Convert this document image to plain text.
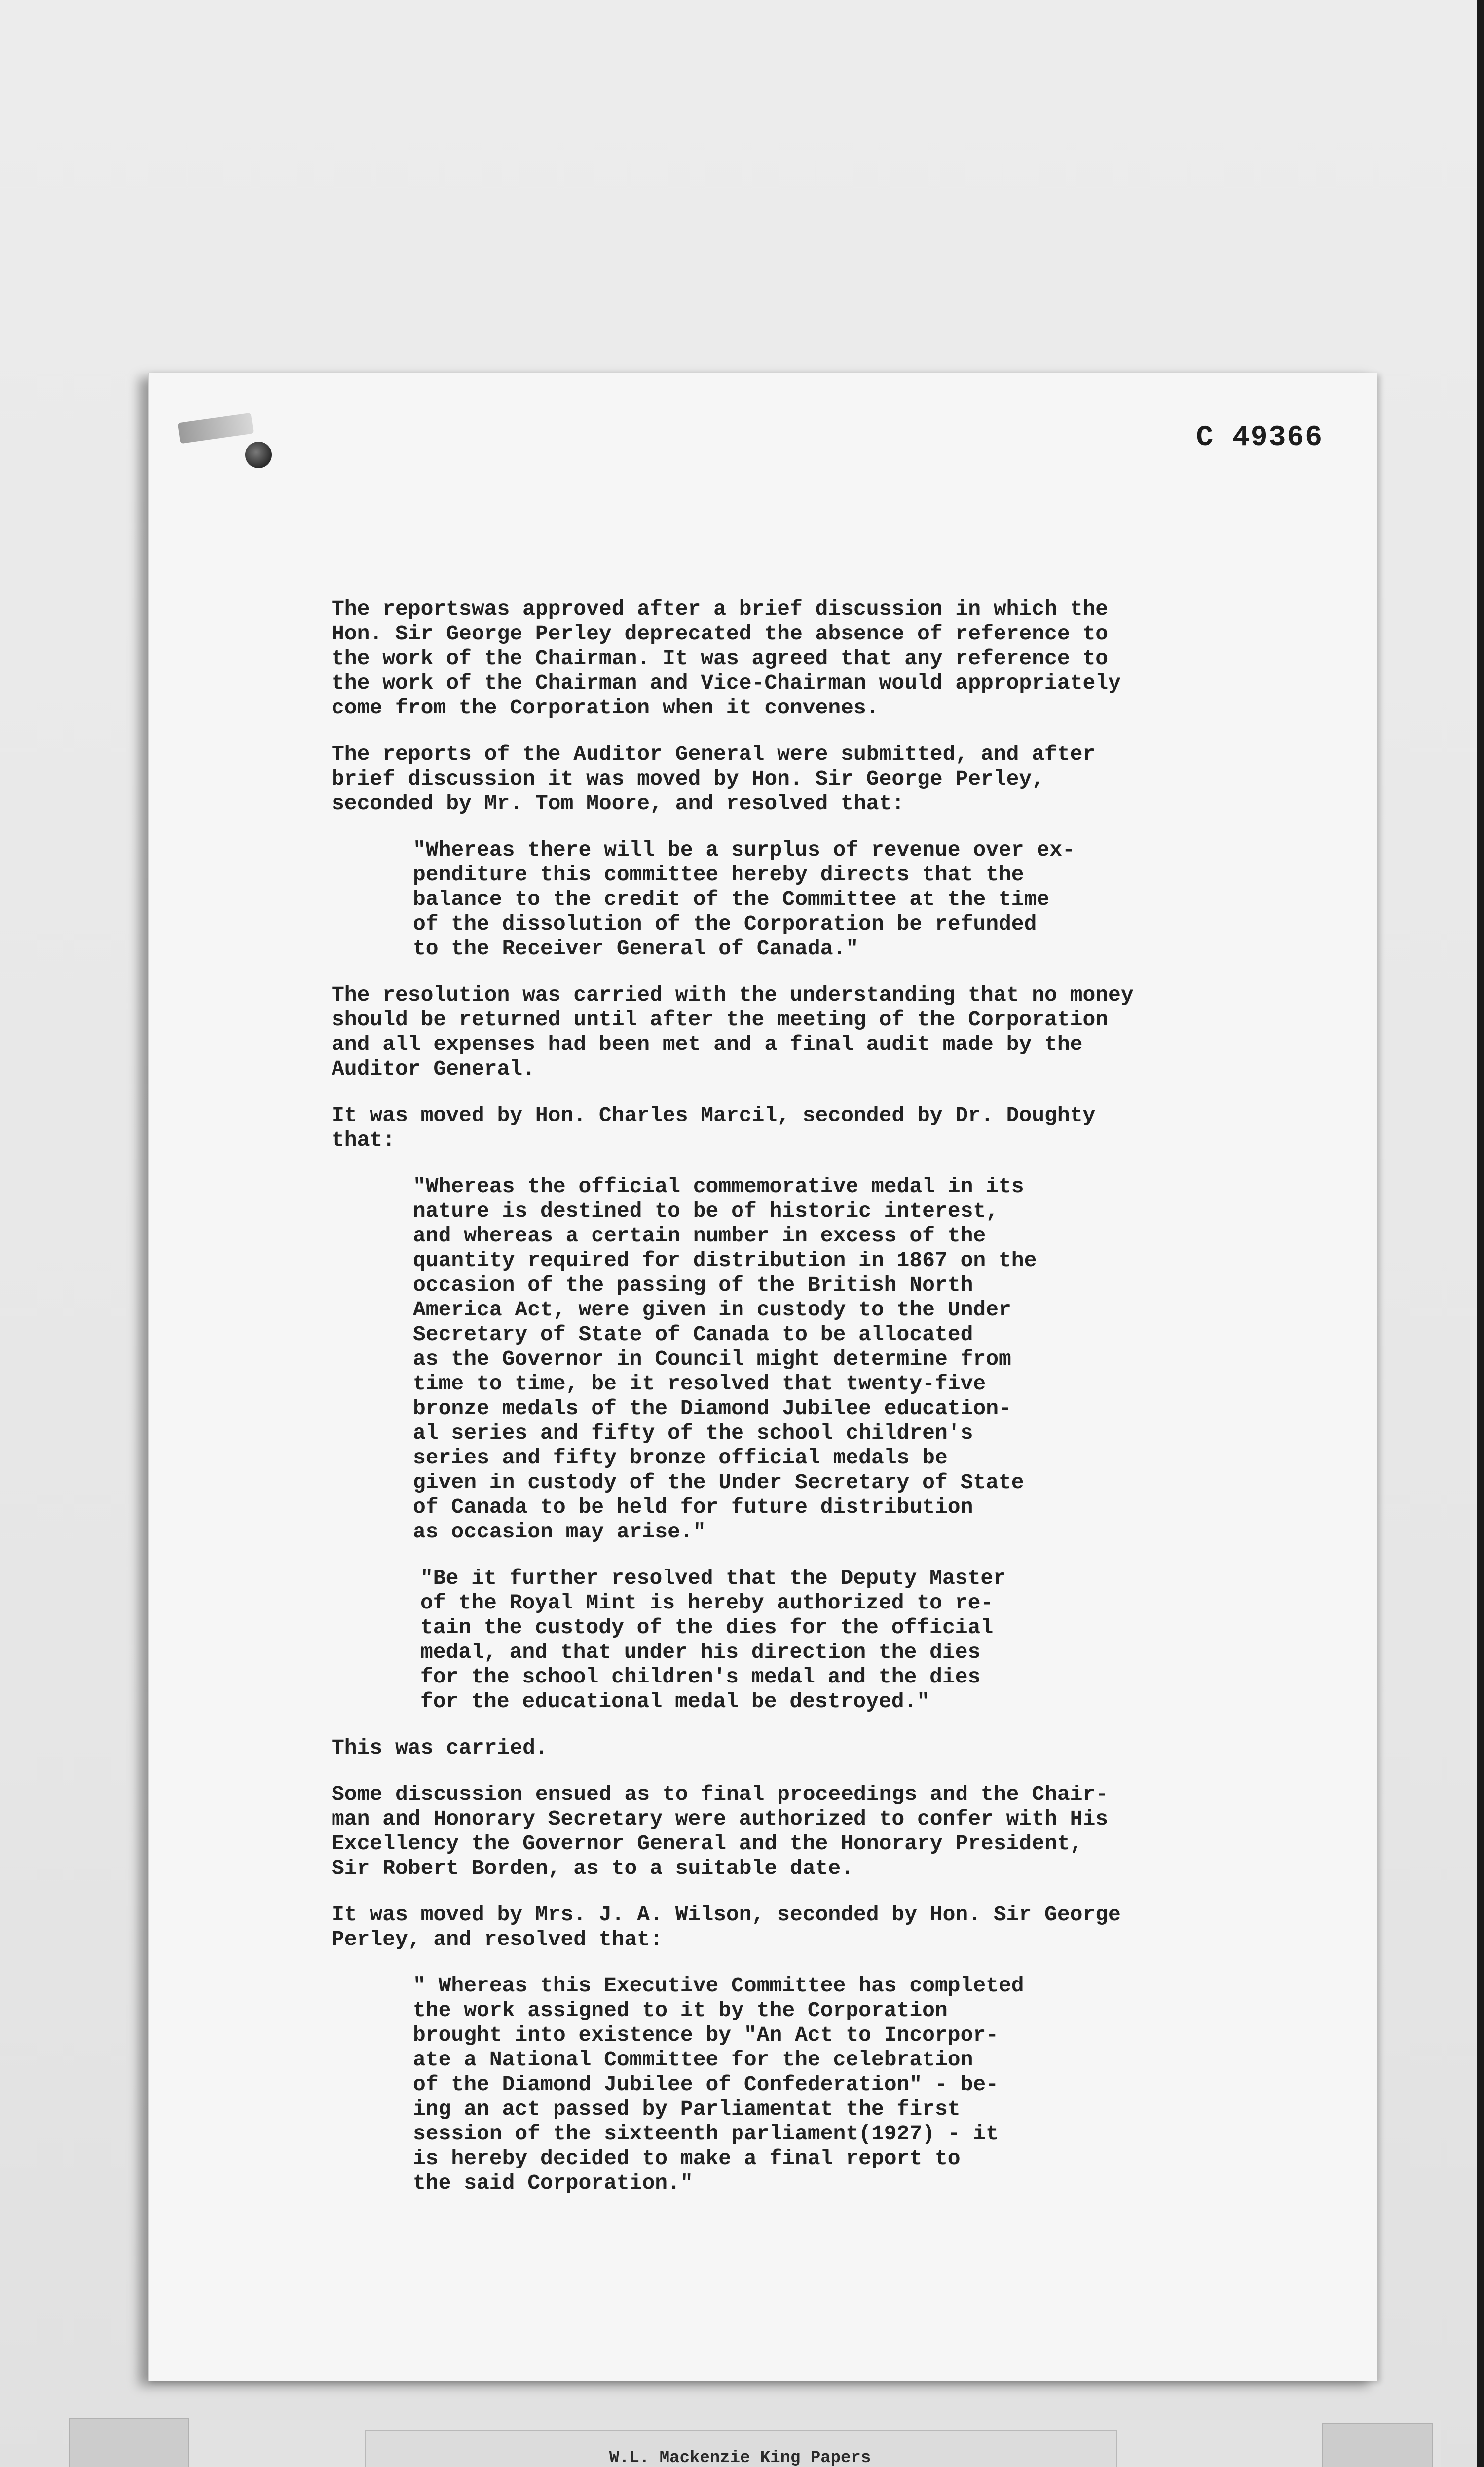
C 49366

The reportswas approved after a brief discussion in which the
Hon. Sir George Perley deprecated the absence of reference to
the work of the Chairman. It was agreed that any reference to
the work of the Chairman and Vice-Chairman would appropriately
come from the Corporation when it convenes.

The reports of the Auditor General were submitted, and after
brief discussion it was moved by Hon. Sir George Perley,
seconded by Mr. Tom Moore, and resolved that:

"Whereas there will be a surplus of revenue over ex-
penditure this committee hereby directs that the
balance to the credit of the Committee at the time
of the dissolution of the Corporation be refunded
to the Receiver General of Canada."

The resolution was carried with the understanding that no money
should be returned until after the meeting of the Corporation
and all expenses had been met and a final audit made by the
Auditor General.

It was moved by Hon. Charles Marcil, seconded by Dr. Doughty
that:

"Whereas the official commemorative medal in its
nature is destined to be of historic interest,
and whereas a certain number in excess of the
quantity required for distribution in 1867 on the
occasion of the passing of the British North
America Act, were given in custody to the Under
Secretary of State of Canada to be allocated
as the Governor in Council might determine from
time to time, be it resolved that twenty-five
bronze medals of the Diamond Jubilee education-
al series and fifty of the school children's
series and fifty bronze official medals be
given in custody of the Under Secretary of State
of Canada to be held for future distribution
as occasion may arise."

"Be it further resolved that the Deputy Master
of the Royal Mint is hereby authorized to re-
tain the custody of the dies for the official
medal, and that under his direction the dies
for the school children's medal and the dies
for the educational medal be destroyed."

This was carried.

Some discussion ensued as to final proceedings and the Chair-
man and Honorary Secretary were authorized to confer with His
Excellency the Governor General and the Honorary President,
Sir Robert Borden, as to a suitable date.

It was moved by Mrs. J. A. Wilson, seconded by Hon. Sir George
Perley, and resolved that:

" Whereas this Executive Committee has completed
the work assigned to it by the Corporation
brought into existence by "An Act to Incorpor-
ate a National Committee for the celebration
of the Diamond Jubilee of Confederation" - be-
ing an act passed by Parliamentat the first
session of the sixteenth parliament(1927) - it
is hereby decided to make a final report to
the said Corporation."

W.L. Mackenzie King Papers
